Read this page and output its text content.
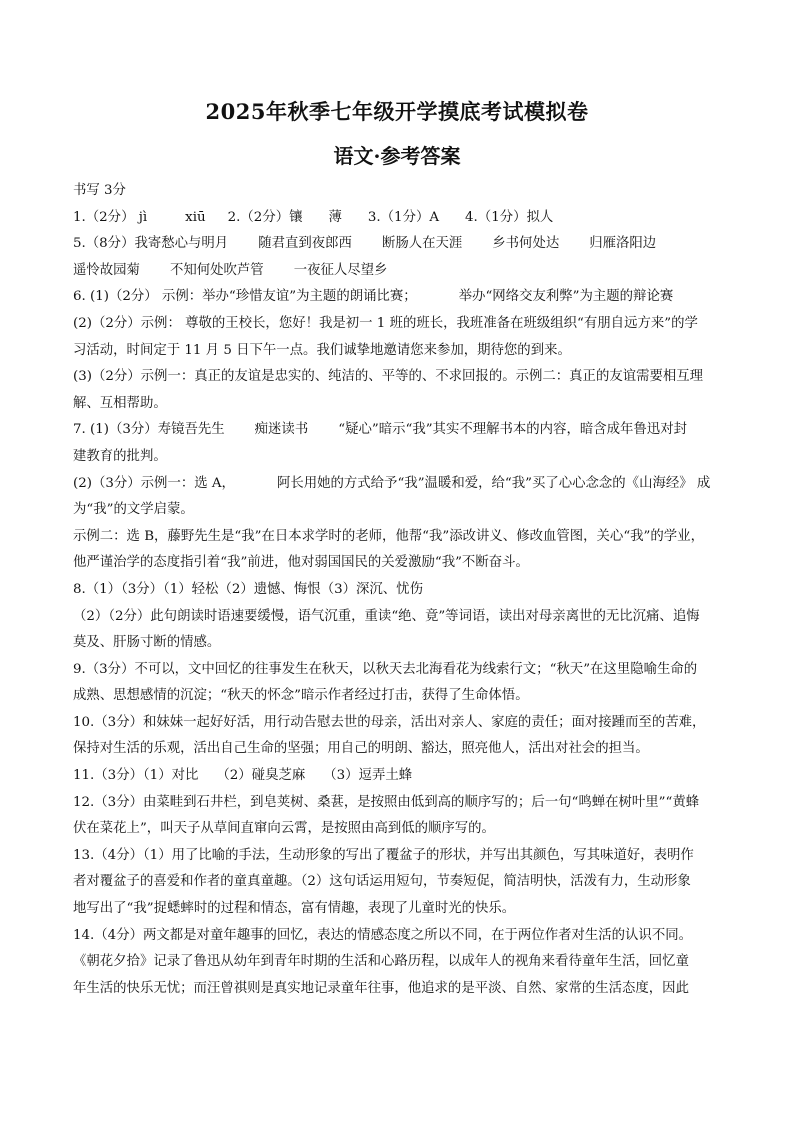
2025年秋季七年级开学摸底考试模拟卷
语文·参考答案
书写 3分
1.（2分） jì	xiū 2.（2分）镶 薄 3.（1分）A 4.（1分）拟人
5.（8分）我寄愁心与明月 随君直到夜郎西 断肠人在天涯 乡书何处达 归雁洛阳边
遥怜故园菊 不知何处吹芦管 一夜征人尽望乡
6. (1)（2分） 示例：举办“珍惜友谊”为主题的朗诵比赛；	举办“网络交友利弊”为主题的辩论赛
(2)（2分）示例： 尊敬的王校长，您好！我是初一 1 班的班长，我班准备在班级组织“有朋自远方来”的学
习活动，时间定于 11 月 5 日下午一点。我们诚挚地邀请您来参加，期待您的到来。
(3)（2分）示例一：真正的友谊是忠实的、纯洁的、平等的、不求回报的。示例二：真正的友谊需要相互理
解、互相帮助。
7. (1)（3分）寿镜吾先生 痴迷读书 “疑心”暗示“我”其实不理解书本的内容，暗含成年鲁迅对封
建教育的批判。
(2)（3分）示例一：选 A，	阿长用她的方式给予“我”温暖和爱，给“我”买了心心念念的《山海经》 成
为“我”的文学启蒙。
示例二：选 B，藤野先生是“我”在日本求学时的老师，他帮“我”添改讲义、修改血管图，关心“我”的学业，
他严谨治学的态度指引着“我”前进，他对弱国国民的关爱激励“我”不断奋斗。
8.（1）（3分）（1）轻松（2）遗憾、悔恨（3）深沉、忧伤
（2）（2分）此句朗读时语速要缓慢，语气沉重，重读“绝、竟”等词语，读出对母亲离世的无比沉痛、追悔
莫及、肝肠寸断的情感。
9.（3分）不可以，文中回忆的往事发生在秋天，以秋天去北海看花为线索行文；“秋天”在这里隐喻生命的
成熟、思想感情的沉淀；“秋天的怀念”暗示作者经过打击，获得了生命体悟。
10.（3分）和妹妹一起好好活，用行动告慰去世的母亲，活出对亲人、家庭的责任；面对接踵而至的苦难，
保持对生活的乐观，活出自己生命的坚强；用自己的明朗、豁达，照亮他人，活出对社会的担当。
11.（3分）（1）对比 （2）碰臭芝麻 （3）逗弄土蜂
12.（3分）由菜畦到石井栏，到皂荚树、桑葚，是按照由低到高的顺序写的；后一句“鸣蝉在树叶里”“黄蜂
伏在菜花上”，叫天子从草间直窜向云霄，是按照由高到低的顺序写的。
13.（4分）（1）用了比喻的手法，生动形象的写出了覆盆子的形状，并写出其颜色，写其味道好，表明作
者对覆盆子的喜爱和作者的童真童趣。（2）这句话运用短句，节奏短促，简洁明快，活泼有力，生动形象
地写出了“我”捉蟋蟀时的过程和情态，富有情趣，表现了儿童时光的快乐。
14.（4分）两文都是对童年趣事的回忆，表达的情感态度之所以不同，在于两位作者对生活的认识不同。
《朝花夕拾》记录了鲁迅从幼年到青年时期的生活和心路历程，以成年人的视角来看待童年生活，回忆童
年生活的快乐无忧；而汪曾祺则是真实地记录童年往事，他追求的是平淡、自然、家常的生活态度，因此
